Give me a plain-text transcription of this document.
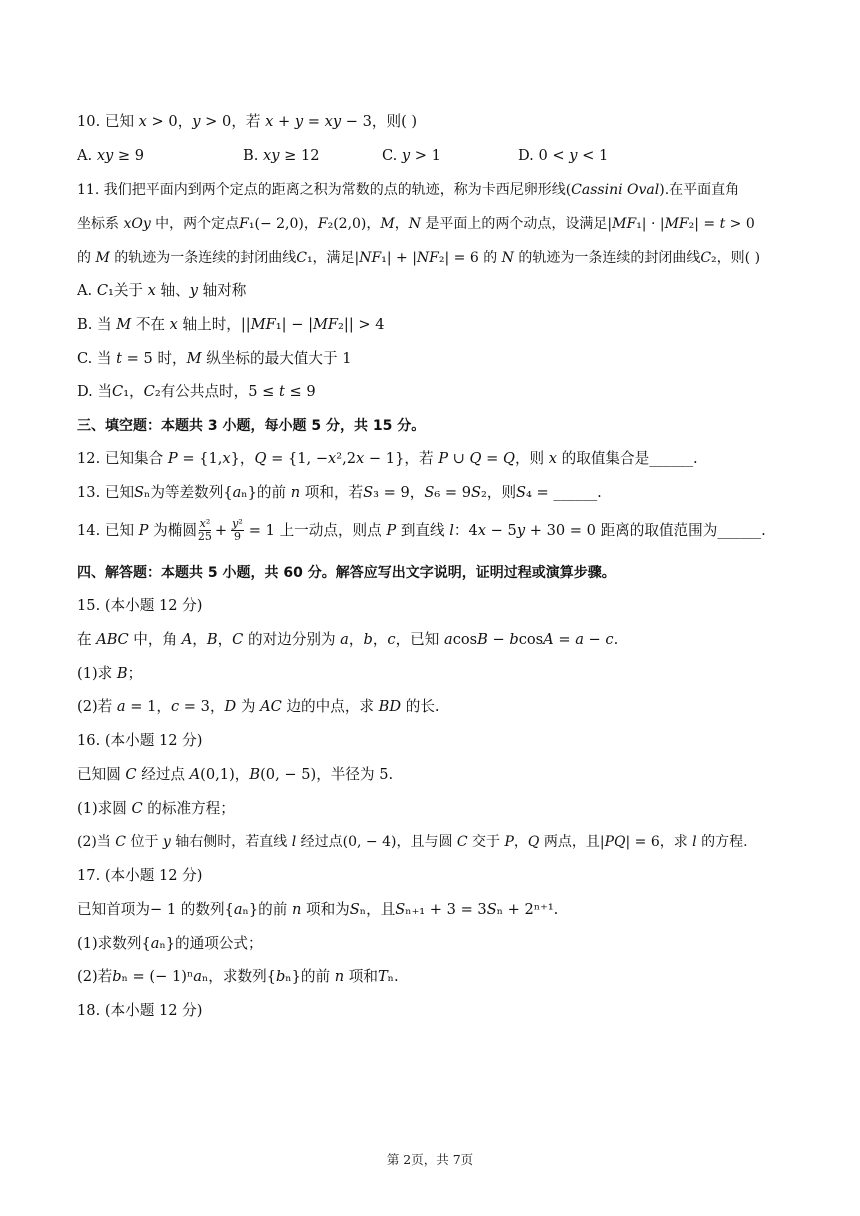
10. 已知 𝑥 > 0，𝑦 > 0，若 𝑥 + 𝑦 = 𝑥𝑦 − 3，则( )
A. 𝑥𝑦 ≥ 9	B. 𝑥𝑦 ≥ 12	C. 𝑦 > 1	D. 0 < 𝑦 < 1
11. 我们把平面内到两个定点的距离之积为常数的点的轨迹，称为卡西尼卵形线(𝐶𝑎𝑠𝑠𝑖𝑛𝑖 𝑂𝑣𝑎𝑙).在平面直角
坐标系 𝑥𝑂𝑦 中，两个定点𝐹₁(− 2,0)，𝐹₂(2,0)，𝑀，𝑁 是平面上的两个动点，设满足|𝑀𝐹₁| · |𝑀𝐹₂| = 𝑡 > 0
的 𝑀 的轨迹为一条连续的封闭曲线𝐶₁，满足|𝑁𝐹₁| + |𝑁𝐹₂| = 6 的 𝑁 的轨迹为一条连续的封闭曲线𝐶₂，则( )
A. 𝐶₁关于 𝑥 轴、𝑦 轴对称
B. 当 𝑀 不在 𝑥 轴上时，||𝑀𝐹₁| − |𝑀𝐹₂|| > 4
C. 当 𝑡 = 5 时，𝑀 纵坐标的最大值大于 1
D. 当𝐶₁，𝐶₂有公共点时，5 ≤ 𝑡 ≤ 9
三、填空题：本题共 3 小题，每小题 5 分，共 15 分。
12. 已知集合 𝑃 = {1,𝑥}，𝑄 = {1, −𝑥²,2𝑥 − 1}，若 𝑃 ∪ 𝑄 = 𝑄，则 𝑥 的取值集合是______.
13. 已知𝑆ₙ为等差数列{𝑎ₙ}的前 𝑛 项和，若𝑆₃ = 9，𝑆₆ = 9𝑆₂，则𝑆₄ = ______.
14. 已知 𝑃 为椭圆 𝑥²
25 + 𝑦²
9 = 1 上一动点，则点 𝑃 到直线 𝑙：4𝑥 − 5𝑦 + 30 = 0 距离的取值范围为______.
四、解答题：本题共 5 小题，共 60 分。解答应写出文字说明，证明过程或演算步骤。
15. (本小题 12 分)
在 𝐴𝐵𝐶 中，角 𝐴，𝐵，𝐶 的对边分别为 𝑎，𝑏，𝑐，已知 𝑎cos𝐵 − 𝑏cos𝐴 = 𝑎 − 𝑐.
(1)求 𝐵；
(2)若 𝑎 = 1，𝑐 = 3，𝐷 为 𝐴𝐶 边的中点，求 𝐵𝐷 的长.
16. (本小题 12 分)
已知圆 𝐶 经过点 𝐴(0,1)，𝐵(0, − 5)，半径为 5.
(1)求圆 𝐶 的标准方程；
(2)当 𝐶 位于 𝑦 轴右侧时，若直线 𝑙 经过点(0, − 4)，且与圆 𝐶 交于 𝑃，𝑄 两点，且|𝑃𝑄| = 6，求 𝑙 的方程.
17. (本小题 12 分)
已知首项为− 1 的数列{𝑎ₙ}的前 𝑛 项和为𝑆ₙ，且𝑆ₙ₊₁ + 3 = 3𝑆ₙ + 2ⁿ⁺¹.
(1)求数列{𝑎ₙ}的通项公式；
(2)若𝑏ₙ = (− 1)ⁿ𝑎ₙ，求数列{𝑏ₙ}的前 𝑛 项和𝑇ₙ.
18. (本小题 12 分)
第 2页，共 7页
